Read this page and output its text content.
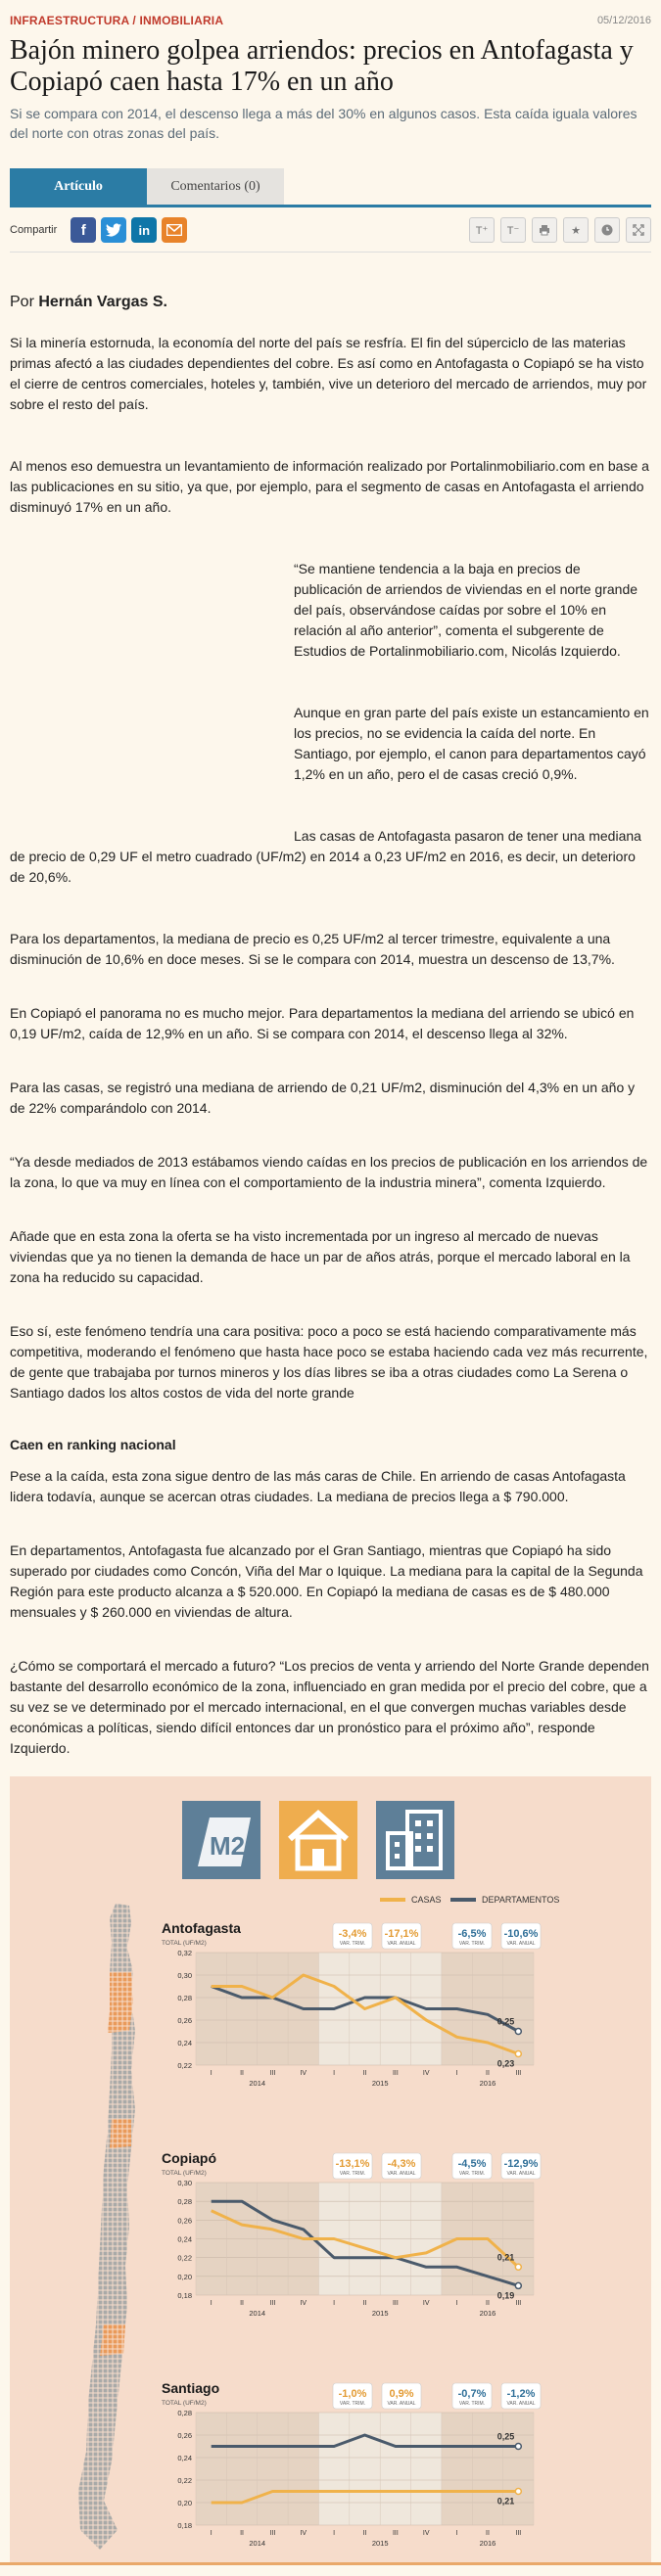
INFRAESTRUCTURA / INMOBILIARIA	05/12/2016
Bajón minero golpea arriendos: precios en Antofagasta y Copiapó caen hasta 17% en un año
Si se compara con 2014, el descenso llega a más del 30% en algunos casos. Esta caída iguala valores del norte con otras zonas del país.
Artículo	Comentarios (0)
Compartir	f	in	T⁺	T⁻	★
Por Hernán Vargas S.

Si la minería estornuda, la economía del norte del país se resfría. El fin del súperciclo de las materias primas afectó a las ciudades dependientes del cobre. Es así como en Antofagasta o Copiapó se ha visto el cierre de centros comerciales, hoteles y, también, vive un deterioro del mercado de arriendos, muy por sobre el resto del país.

Al menos eso demuestra un levantamiento de información realizado por Portalinmobiliario.com en base a las publicaciones en su sitio, ya que, por ejemplo, para el segmento de casas en Antofagasta el arriendo disminuyó 17% en un año.

“Se mantiene tendencia a la baja en precios de publicación de arriendos de viviendas en el norte grande del país, observándose caídas por sobre el 10% en relación al año anterior”, comenta el subgerente de Estudios de Portalinmobiliario.com, Nicolás Izquierdo.

Aunque en gran parte del país existe un estancamiento en los precios, no se evidencia la caída del norte. En Santiago, por ejemplo, el canon para departamentos cayó 1,2% en un año, pero el de casas creció 0,9%.

Las casas de Antofagasta pasaron de tener una mediana

de precio de 0,29 UF el metro cuadrado (UF/m2) en 2014 a 0,23 UF/m2 en 2016, es decir, un deterioro de 20,6%.

Para los departamentos, la mediana de precio es 0,25 UF/m2 al tercer trimestre, equivalente a una disminución de 10,6% en doce meses. Si se le compara con 2014, muestra un descenso de 13,7%.

En Copiapó el panorama no es mucho mejor. Para departamentos la mediana del arriendo se ubicó en 0,19 UF/m2, caída de 12,9% en un año. Si se compara con 2014, el descenso llega al 32%.

Para las casas, se registró una mediana de arriendo de 0,21 UF/m2, disminución del 4,3% en un año y de 22% comparándolo con 2014.

“Ya desde mediados de 2013 estábamos viendo caídas en los precios de publicación en los arriendos de la zona, lo que va muy en línea con el comportamiento de la industria minera”, comenta Izquierdo.

Añade que en esta zona la oferta se ha visto incrementada por un ingreso al mercado de nuevas viviendas que ya no tienen la demanda de hace un par de años atrás, porque el mercado laboral en la zona ha reducido su capacidad.

Eso sí, este fenómeno tendría una cara positiva: poco a poco se está haciendo comparativamente más competitiva, moderando el fenómeno que hasta hace poco se estaba haciendo cada vez más recurrente, de gente que trabajaba por turnos mineros y los días libres se iba a otras ciudades como La Serena o Santiago dados los altos costos de vida del norte grande

Caen en ranking nacional

Pese a la caída, esta zona sigue dentro de las más caras de Chile. En arriendo de casas Antofagasta lidera todavía, aunque se acercan otras ciudades. La mediana de precios llega a $ 790.000.

En departamentos, Antofagasta fue alcanzado por el Gran Santiago, mientras que Copiapó ha sido superado por ciudades como Concón, Viña del Mar o Iquique. La mediana para la capital de la Segunda Región para este producto alcanza a $ 520.000. En Copiapó la mediana de casas es de $ 480.000 mensuales y $ 260.000 en viviendas de altura.

¿Cómo se comportará el mercado a futuro? “Los precios de venta y arriendo del Norte Grande dependen bastante del desarrollo económico de la zona, influenciado en gran medida por el precio del cobre, que a su vez se ve determinado por el mercado internacional, en el que convergen muchas variables desde económicas a políticas, siendo difícil entonces dar un pronóstico para el próximo año”, responde Izquierdo.

M2
CASAS	DEPARTAMENTOS
Antofagasta
TOTAL (UF/M2)
0,32
0,30
0,28
0,26
0,24
0,22
I	II	III	IV	I	II	III	IV	I	II	III
2014	2015	2016
0,25
0,23
-3,4%
VAR. TRIM.
-17,1%
VAR. ANUAL
-6,5%
VAR. TRIM.
-10,6%
VAR. ANUAL
Copiapó
TOTAL (UF/M2)
0,30
0,28
0,26
0,24
0,22
0,20
0,18
I	II	III	IV	I	II	III	IV	I	II	III
2014	2015	2016
0,19
0,21
-13,1%
VAR. TRIM.
-4,3%
VAR. ANUAL
-4,5%
VAR. TRIM.
-12,9%
VAR. ANUAL
Santiago
TOTAL (UF/M2)
0,28
0,26
0,24
0,22
0,20
0,18
I	II	III	IV	I	II	III	IV	I	II	III
2014	2015	2016
0,25
0,21
-1,0%
VAR. TRIM.
0,9%
VAR. ANUAL
-0,7%
VAR. TRIM.
-1,2%
VAR. ANUAL
